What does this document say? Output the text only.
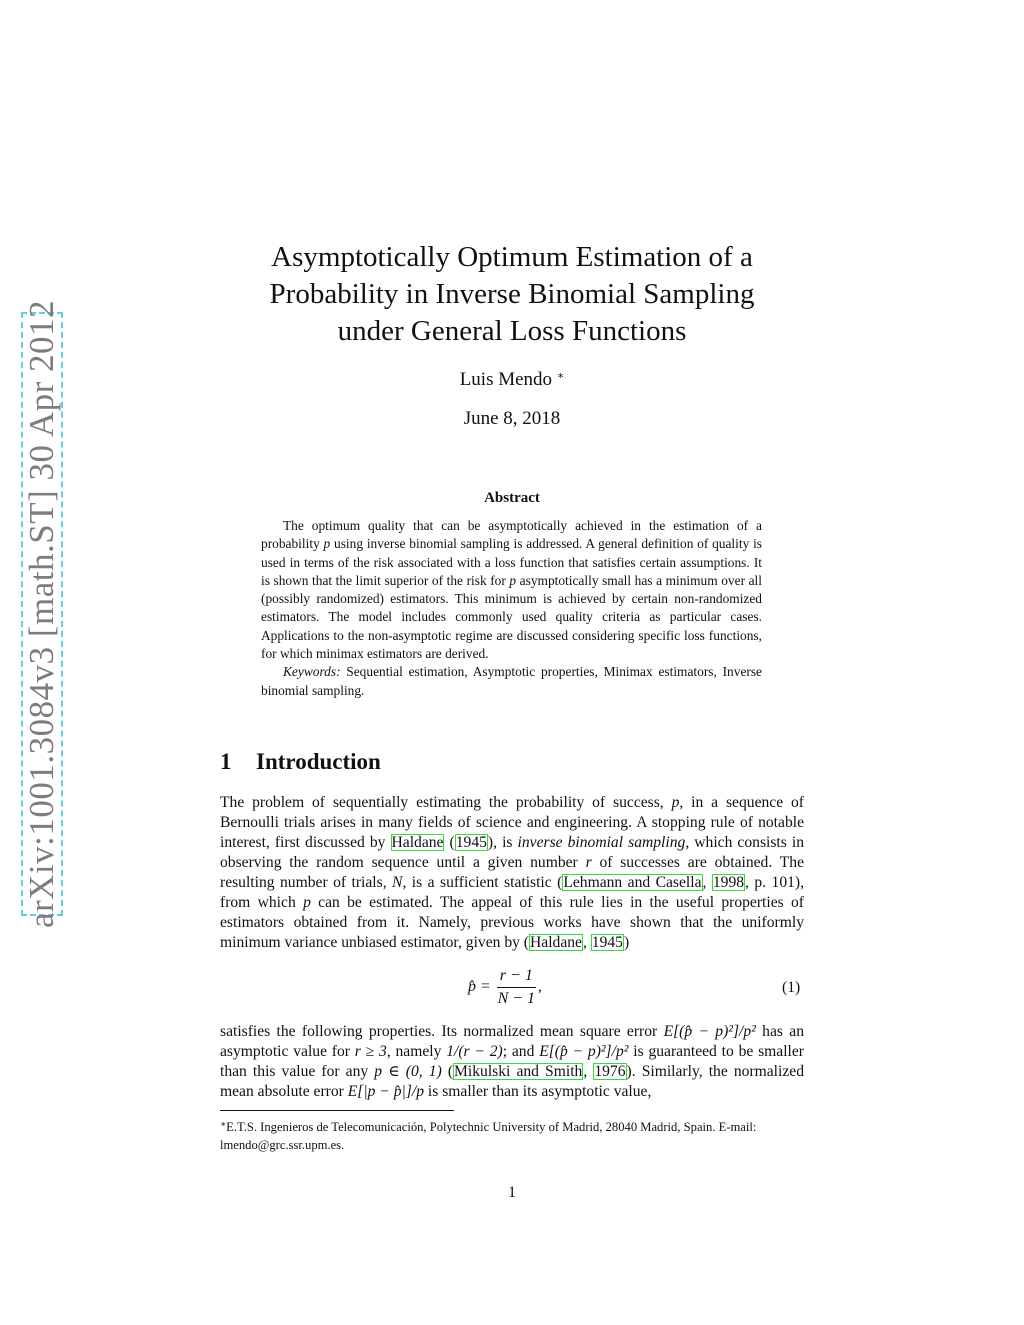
arXiv:1001.3084v3 [math.ST] 30 Apr 2012
Asymptotically Optimum Estimation of a
Probability in Inverse Binomial Sampling
under General Loss Functions
Luis Mendo ∗
June 8, 2018
Abstract

The optimum quality that can be asymptotically achieved in the estimation of a probability p using inverse binomial sampling is addressed. A general definition of quality is used in terms of the risk associated with a loss function that satisfies certain assumptions. It is shown that the limit superior of the risk for p asymptotically small has a minimum over all (possibly randomized) estimators. This minimum is achieved by certain non-randomized estimators. The model includes commonly used quality criteria as particular cases. Applications to the non-asymptotic regime are discussed considering specific loss functions, for which minimax estimators are derived.

Keywords: Sequential estimation, Asymptotic properties, Minimax estimators, Inverse binomial sampling.

1 Introduction
The problem of sequentially estimating the probability of success, p, in a sequence of Bernoulli trials arises in many fields of science and engineering. A stopping rule of notable interest, first discussed by Haldane (1945), is inverse binomial sampling, which consists in observing the random sequence until a given number r of successes are obtained. The resulting number of trials, N, is a sufficient statistic (Lehmann and Casella, 1998, p. 101), from which p can be estimated. The appeal of this rule lies in the useful properties of estimators obtained from it. Namely, previous works have shown that the uniformly minimum variance unbiased estimator, given by (Haldane, 1945)
p̂ = $\frac{r - 1}{N - 1}$ ,	(1)
satisfies the following properties. Its normalized mean square error E[(p̂ − p)²]/p² has an asymptotic value for r ≥ 3, namely 1/(r − 2); and E[(p̂ − p)²]/p² is guaranteed to be smaller than this value for any p ∈ (0, 1) (Mikulski and Smith, 1976). Similarly, the normalized mean absolute error E[|p − p̂|]/p is smaller than its asymptotic value,
∗E.T.S. Ingenieros de Telecomunicación, Polytechnic University of Madrid, 28040 Madrid, Spain. E-mail: lmendo@grc.ssr.upm.es.
1
